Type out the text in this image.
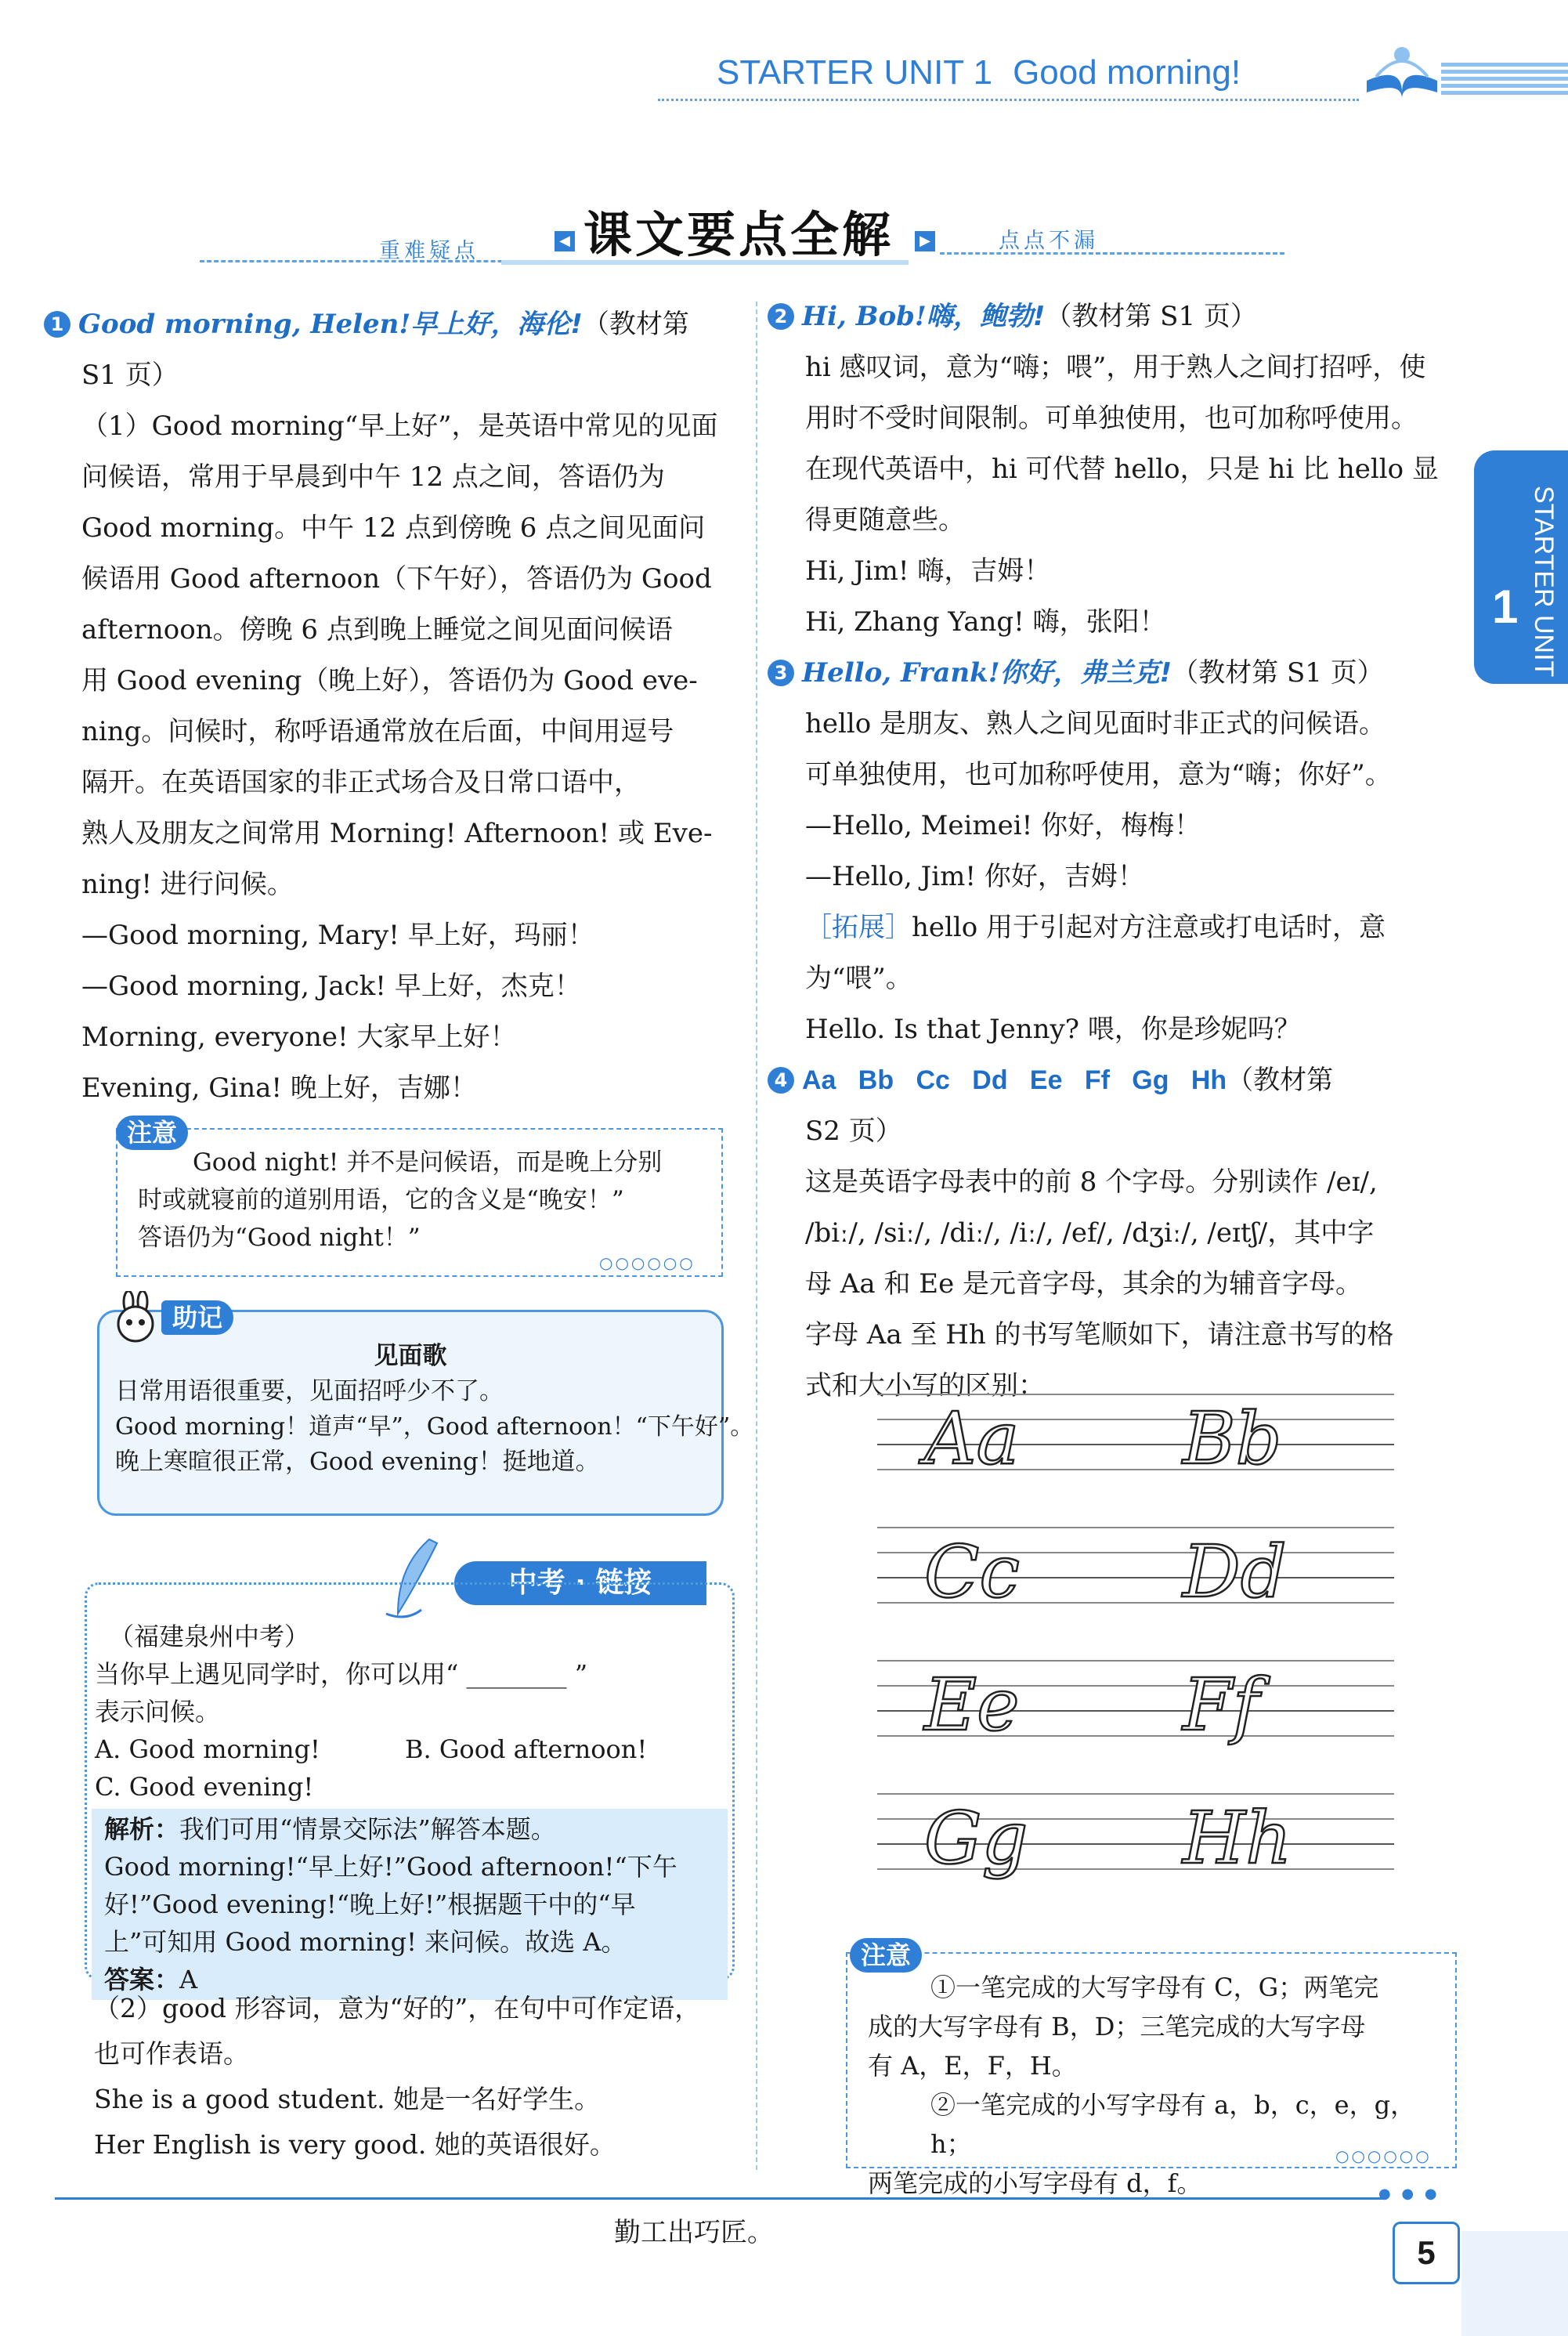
STARTER UNIT 1 Good morning!
重难疑点	◀ 课文要点全解	▶	点点不漏
STARTER UNIT
1
1 Good morning, Helen!早上好，海伦!（教材第
S1 页）
（1）Good morning“早上好”，是英语中常见的见面
问候语，常用于早晨到中午 12 点之间，答语仍为
Good morning。中午 12 点到傍晚 6 点之间见面问
候语用 Good afternoon（下午好），答语仍为 Good
afternoon。傍晚 6 点到晚上睡觉之间见面问候语
用 Good evening（晚上好），答语仍为 Good eve-
ning。问候时，称呼语通常放在后面，中间用逗号
隔开。在英语国家的非正式场合及日常口语中，
熟人及朋友之间常用 Morning! Afternoon! 或 Eve-
ning! 进行问候。
—Good morning, Mary! 早上好，玛丽！
—Good morning, Jack! 早上好，杰克！
Morning, everyone! 大家早上好！
Evening, Gina! 晚上好，吉娜！
Good night! 并不是问候语，而是晚上分别
时或就寝前的道别用语，它的含义是“晚安！”
答语仍为“Good night！”
注意
○○○○○○
见面歌
日常用语很重要，见面招呼少不了。
Good morning！道声“早”，Good afternoon！“下午好”。
晚上寒暄很正常，Good evening！挺地道。
助记
中考 · 链接
（福建泉州中考）
当你早上遇见同学时，你可以用“ ________ ”
表示问候。
A. Good morning!	B. Good afternoon!
C. Good evening!
解析：我们可用“情景交际法”解答本题。
Good morning!“早上好!”Good afternoon!“下午
好!”Good evening!“晚上好!”根据题干中的“早
上”可知用 Good morning! 来问候。故选 A。
答案：A
（2）good 形容词，意为“好的”，在句中可作定语，
也可作表语。
She is a good student. 她是一名好学生。
Her English is very good. 她的英语很好。
2 Hi, Bob!嗨，鲍勃!（教材第 S1 页）
hi 感叹词，意为“嗨；喂”，用于熟人之间打招呼，使
用时不受时间限制。可单独使用，也可加称呼使用。
在现代英语中，hi 可代替 hello，只是 hi 比 hello 显
得更随意些。
Hi, Jim! 嗨，吉姆！
Hi, Zhang Yang! 嗨，张阳！
3 Hello, Frank!你好，弗兰克!（教材第 S1 页）
hello 是朋友、熟人之间见面时非正式的问候语。
可单独使用，也可加称呼使用，意为“嗨；你好”。
—Hello, Meimei! 你好，梅梅！
—Hello, Jim! 你好，吉姆！
［拓展］hello 用于引起对方注意或打电话时，意
为“喂”。
Hello. Is that Jenny? 喂，你是珍妮吗？
4 Aa   Bb   Cc   Dd   Ee   Ff   Gg   Hh（教材第
S2 页）
这是英语字母表中的前 8 个字母。分别读作 /eɪ/,
/biː/, /siː/, /diː/, /iː/, /ef/, /dʒiː/, /eɪtʃ/，其中字
母 Aa 和 Ee 是元音字母，其余的为辅音字母。
字母 Aa 至 Hh 的书写笔顺如下，请注意书写的格
式和大小写的区别：
Aa Bb
Cc Dd
Ee Ff
Gg Hh
①一笔完成的大写字母有 C，G；两笔完
成的大写字母有 B，D；三笔完成的大写字母
有 A，E，F，H。
②一笔完成的小写字母有 a，b，c，e，g，h；
两笔完成的小写字母有 d，f。
注意
○○○○○○
● ● ●
勤工出巧匠。
5
